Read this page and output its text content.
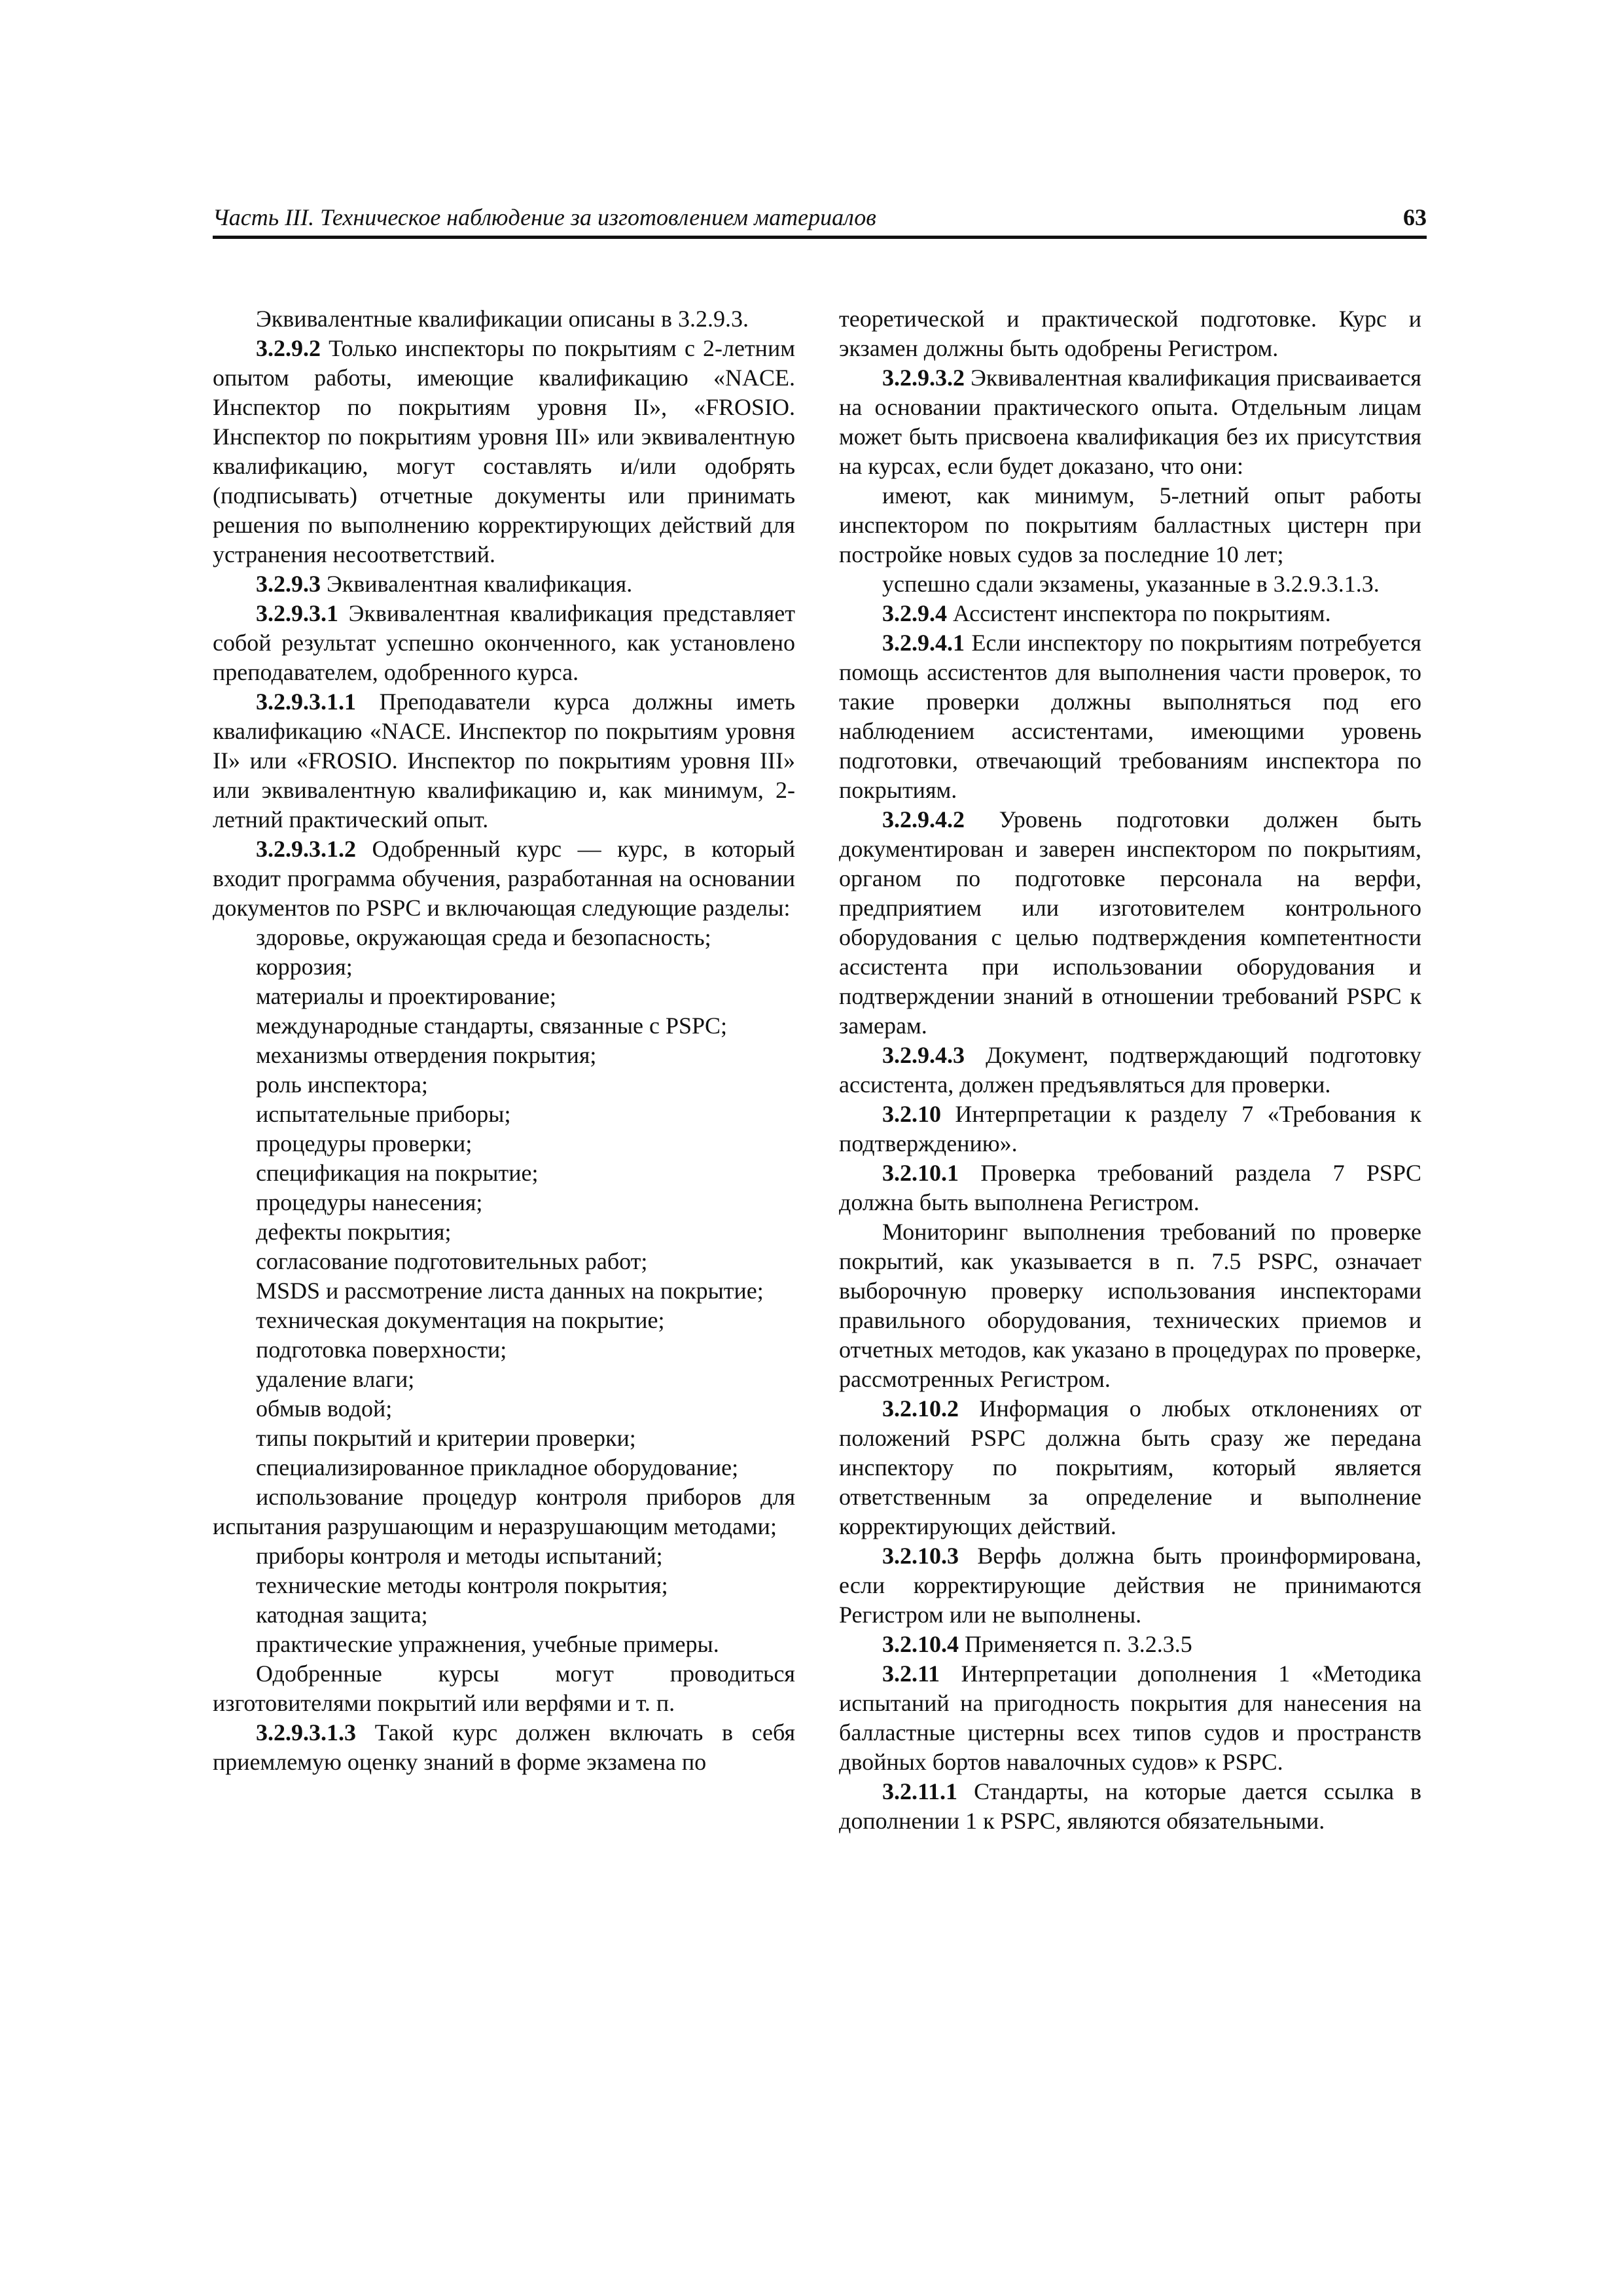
Часть III. Техническое наблюдение за изготовлением материалов	63

Эквивалентные квалификации описаны в 3.2.9.3.

3.2.9.2 Только инспекторы по покрытиям с 2-летним опытом работы, имеющие квалификацию «NACE. Инспектор по покрытиям уровня II», «FROSIO. Инспектор по покрытиям уровня III» или эквивалентную квалификацию, могут составлять и/или одобрять (подписывать) отчетные документы или принимать решения по выполнению корректирующих действий для устранения несоответствий.

3.2.9.3 Эквивалентная квалификация.

3.2.9.3.1 Эквивалентная квалификация представляет собой результат успешно оконченного, как установлено преподавателем, одобренного курса.

3.2.9.3.1.1 Преподаватели курса должны иметь квалификацию «NACE. Инспектор по покрытиям уровня II» или «FROSIO. Инспектор по покрытиям уровня III» или эквивалентную квалификацию и, как минимум, 2-летний практический опыт.

3.2.9.3.1.2 Одобренный курс — курс, в который входит программа обучения, разработанная на основании документов по PSPC и включающая следующие разделы:

здоровье, окружающая среда и безопасность;

коррозия;

материалы и проектирование;

международные стандарты, связанные с PSPC;

механизмы отвердения покрытия;

роль инспектора;

испытательные приборы;

процедуры проверки;

спецификация на покрытие;

процедуры нанесения;

дефекты покрытия;

согласование подготовительных работ;

MSDS и рассмотрение листа данных на покрытие;

техническая документация на покрытие;

подготовка поверхности;

удаление влаги;

обмыв водой;

типы покрытий и критерии проверки;

специализированное прикладное оборудование;

использование процедур контроля приборов для испытания разрушающим и неразрушающим методами;

приборы контроля и методы испытаний;

технические методы контроля покрытия;

катодная защита;

практические упражнения, учебные примеры.

Одобренные курсы могут проводиться изготовителями покрытий или верфями и т. п.

3.2.9.3.1.3 Такой курс должен включать в себя приемлемую оценку знаний в форме экзамена по

теоретической и практической подготовке. Курс и экзамен должны быть одобрены Регистром.

3.2.9.3.2 Эквивалентная квалификация присваивается на основании практического опыта. Отдельным лицам может быть присвоена квалификация без их присутствия на курсах, если будет доказано, что они:

имеют, как минимум, 5-летний опыт работы инспектором по покрытиям балластных цистерн при постройке новых судов за последние 10 лет;

успешно сдали экзамены, указанные в 3.2.9.3.1.3.

3.2.9.4 Ассистент инспектора по покрытиям.

3.2.9.4.1 Если инспектору по покрытиям потребуется помощь ассистентов для выполнения части проверок, то такие проверки должны выполняться под его наблюдением ассистентами, имеющими уровень подготовки, отвечающий требованиям инспектора по покрытиям.

3.2.9.4.2 Уровень подготовки должен быть документирован и заверен инспектором по покрытиям, органом по подготовке персонала на верфи, предприятием или изготовителем контрольного оборудования с целью подтверждения компетентности ассистента при использовании оборудования и подтверждении знаний в отношении требований PSPC к замерам.

3.2.9.4.3 Документ, подтверждающий подготовку ассистента, должен предъявляться для проверки.

3.2.10 Интерпретации к разделу 7 «Требования к подтверждению».

3.2.10.1 Проверка требований раздела 7 PSPC должна быть выполнена Регистром.

Мониторинг выполнения требований по проверке покрытий, как указывается в п. 7.5 PSPC, означает выборочную проверку использования инспекторами правильного оборудования, технических приемов и отчетных методов, как указано в процедурах по проверке, рассмотренных Регистром.

3.2.10.2 Информация о любых отклонениях от положений PSPC должна быть сразу же передана инспектору по покрытиям, который является ответственным за определение и выполнение корректирующих действий.

3.2.10.3 Верфь должна быть проинформирована, если корректирующие действия не принимаются Регистром или не выполнены.

3.2.10.4 Применяется п. 3.2.3.5

3.2.11 Интерпретации дополнения 1 «Методика испытаний на пригодность покрытия для нанесения на балластные цистерны всех типов судов и пространств двойных бортов навалочных судов» к PSPC.

3.2.11.1 Стандарты, на которые дается ссылка в дополнении 1 к PSPC, являются обязательными.
